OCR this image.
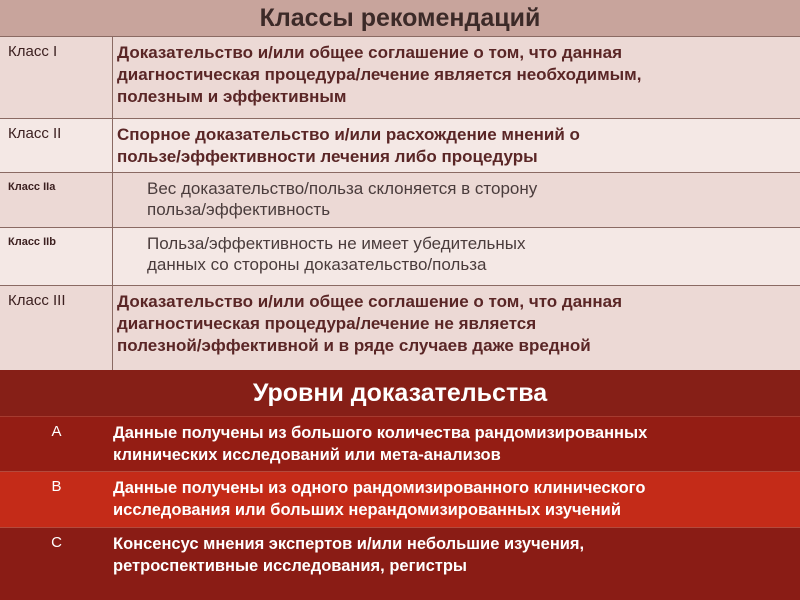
Классы рекомендаций
Класс I	Доказательство и/или общее соглашение о том, что данная
диагностическая процедура/лечение является необходимым,
полезным и эффективным
Класс II	Спорное доказательство и/или расхождение мнений о
пользе/эффективности лечения либо процедуры
Класс IIa	Вес доказательство/польза склоняется в сторону
польза/эффективность
Класс IIb	Польза/эффективность не имеет убедительных
данных со стороны доказательство/польза
Класс III	Доказательство и/или общее соглашение о том, что данная
диагностическая процедура/лечение не является
полезной/эффективной и в ряде случаев даже вредной
Уровни доказательства
A	Данные получены из большого количества рандомизированных
клинических исследований или мета-анализов
B	Данные получены из одного рандомизированного клинического
исследования или больших нерандомизированных изучений
C	Консенсус мнения экспертов и/или небольшие изучения,
ретроспективные исследования, регистры
